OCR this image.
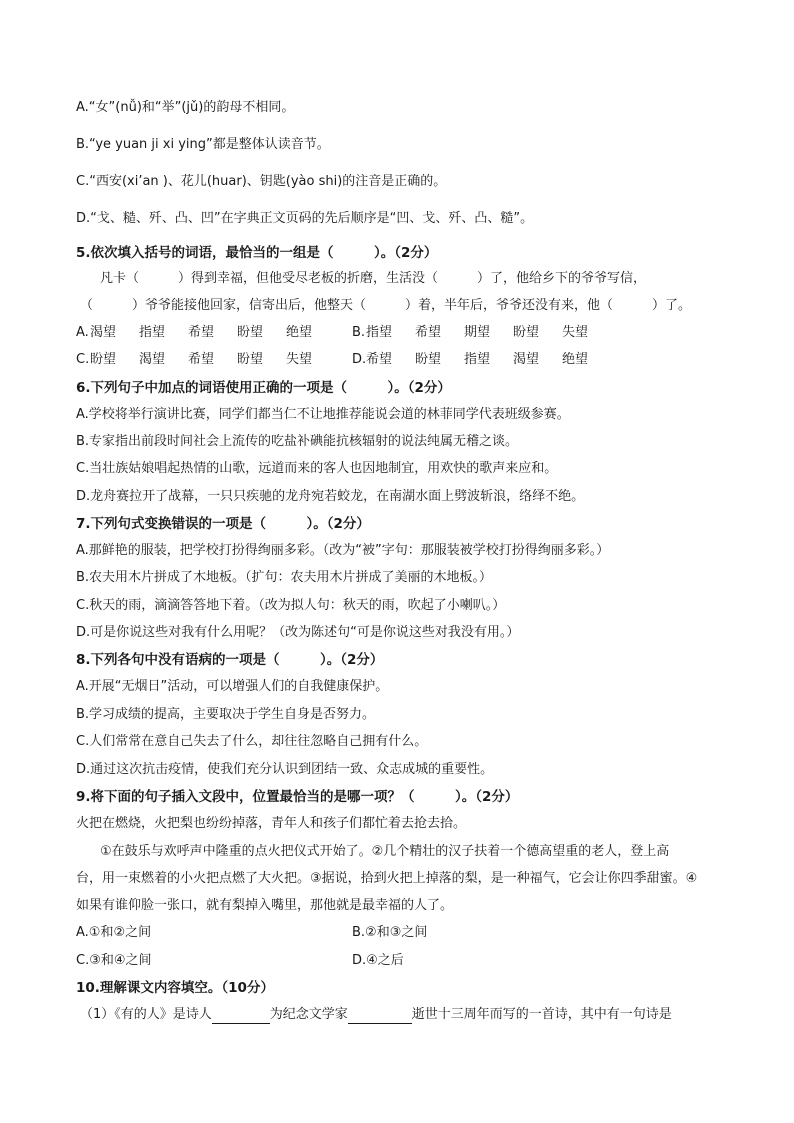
A.“女”(nǚ)和“举”(jǔ)的韵母不相同。
B.“ye yuan ji xi ying”都是整体认读音节。
C.“西安(xi’an )、花儿(huar)、钥匙(yào shi)的注音是正确的。
D.“戈、糙、歼、凸、凹”在字典正文页码的先后顺序是“凹、戈、歼、凸、糙”。
5.依次填入括号的词语，最恰当的一组是（　　　）。（2分）
凡卡（　　　）得到幸福，但他受尽老板的折磨，生活没（　　　）了，他给乡下的爷爷写信，
（　　　）爷爷能接他回家，信寄出后，他整天（　　　）着，半年后，爷爷还没有来，他（　　　）了。
A.渴望 指望 希望 盼望 绝望	B.指望 希望 期望 盼望 失望
C.盼望 渴望 希望 盼望 失望	D.希望 盼望 指望 渴望 绝望
6.下列句子中加点的词语使用正确的一项是（　　　）。（2分）
A.学校将举行演讲比赛，同学们都当仁不让地推荐能说会道的林菲同学代表班级参赛。
B.专家指出前段时间社会上流传的吃盐补碘能抗核辐射的说法纯属无稽之谈。
C.当壮族姑娘唱起热情的山歌，远道而来的客人也因地制宜，用欢快的歌声来应和。
D.龙舟赛拉开了战幕，一只只疾驰的龙舟宛若蛟龙，在南湖水面上劈波斩浪，络绎不绝。
7.下列句式变换错误的一项是（　　　）。（2分）
A.那鲜艳的服装，把学校打扮得绚丽多彩。（改为“被”字句：那服装被学校打扮得绚丽多彩。）
B.农夫用木片拼成了木地板。（扩句：农夫用木片拼成了美丽的木地板。）
C.秋天的雨，滴滴答答地下着。（改为拟人句：秋天的雨，吹起了小喇叭。）
D.可是你说这些对我有什么用呢？（改为陈述句“可是你说这些对我没有用。）
8.下列各句中没有语病的一项是（　　　）。（2分）
A.开展“无烟日”活动，可以增强人们的自我健康保护。
B.学习成绩的提高，主要取决于学生自身是否努力。
C.人们常常在意自己失去了什么，却往往忽略自己拥有什么。
D.通过这次抗击疫情，使我们充分认识到团结一致、众志成城的重要性。
9.将下面的句子插入文段中，位置最恰当的是哪一项？（　　　）。（2分）
火把在燃烧，火把梨也纷纷掉落，青年人和孩子们都忙着去抢去拾。
①在鼓乐与欢呼声中隆重的点火把仪式开始了。②几个精壮的汉子扶着一个德高望重的老人，登上高
台，用一束燃着的小火把点燃了大火把。③据说，拾到火把上掉落的梨，是一种福气，它会让你四季甜蜜。④
如果有谁仰脸一张口，就有梨掉入嘴里，那他就是最幸福的人了。
A.①和②之间	B.②和③之间
C.③和④之间	D.④之后
10.理解课文内容填空。（10分）
（1）《有的人》是诗人	为纪念文学家	逝世十三周年而写的一首诗，其中有一句诗是
